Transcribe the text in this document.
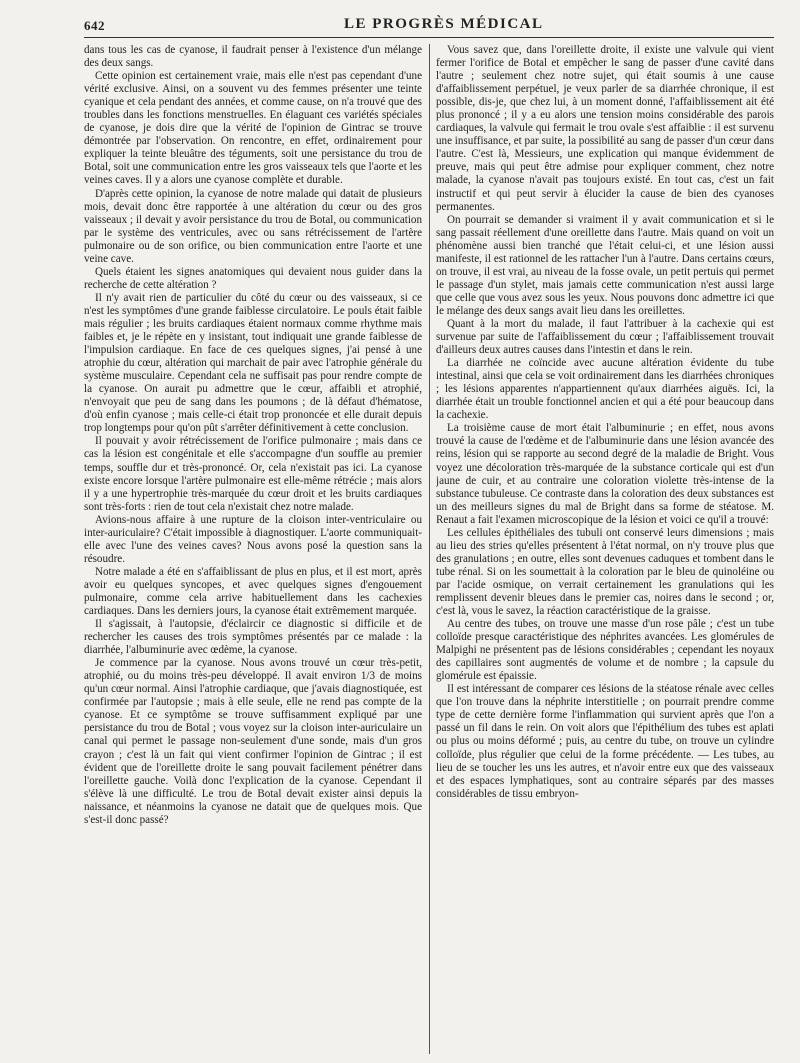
642	LE PROGRÈS MÉDICAL

dans tous les cas de cyanose, il faudrait penser à l'existence d'un mélange des deux sangs.

Cette opinion est certainement vraie, mais elle n'est pas cependant d'une vérité exclusive. Ainsi, on a souvent vu des femmes présenter une teinte cyanique et cela pendant des années, et comme cause, on n'a trouvé que des troubles dans les fonctions menstruelles. En élaguant ces variétés spéciales de cyanose, je dois dire que la vérité de l'opinion de Gintrac se trouve démontrée par l'observation. On rencontre, en effet, ordinairement pour expliquer la teinte bleuâtre des téguments, soit une persistance du trou de Botal, soit une communication entre les gros vaisseaux tels que l'aorte et les veines caves. Il y a alors une cyanose complète et durable.

D'après cette opinion, la cyanose de notre malade qui datait de plusieurs mois, devait donc être rapportée à une altération du cœur ou des gros vaisseaux ; il devait y avoir persistance du trou de Botal, ou communication par le système des ventricules, avec ou sans rétrécissement de l'artère pulmonaire ou de son orifice, ou bien communication entre l'aorte et une veine cave.

Quels étaient les signes anatomiques qui devaient nous guider dans la recherche de cette altération ?

Il n'y avait rien de particulier du côté du cœur ou des vaisseaux, si ce n'est les symptômes d'une grande faiblesse circulatoire. Le pouls était faible mais régulier ; les bruits cardiaques étaient normaux comme rhythme mais faibles et, je le répète en y insistant, tout indiquait une grande faiblesse de l'impulsion cardiaque. En face de ces quelques signes, j'ai pensé à une atrophie du cœur, altération qui marchait de pair avec l'atrophie générale du système musculaire. Cependant cela ne suffisait pas pour rendre compte de la cyanose. On aurait pu admettre que le cœur, affaibli et atrophié, n'envoyait que peu de sang dans les poumons ; de là défaut d'hématose, d'où enfin cyanose ; mais celle-ci était trop prononcée et elle durait depuis trop longtemps pour qu'on pût s'arrêter définitivement à cette conclusion.

Il pouvait y avoir rétrécissement de l'orifice pulmonaire ; mais dans ce cas la lésion est congénitale et elle s'accompagne d'un souffle au premier temps, souffle dur et très-prononcé. Or, cela n'existait pas ici. La cyanose existe encore lorsque l'artère pulmonaire est elle-même rétrécie ; mais alors il y a une hypertrophie très-marquée du cœur droit et les bruits cardiaques sont très-forts : rien de tout cela n'existait chez notre malade.

Avions-nous affaire à une rupture de la cloison inter-ventriculaire ou inter-auriculaire? C'était impossible à diagnostiquer. L'aorte communiquait-elle avec l'une des veines caves? Nous avons posé la question sans la résoudre.

Notre malade a été en s'affaiblissant de plus en plus, et il est mort, après avoir eu quelques syncopes, et avec quelques signes d'engouement pulmonaire, comme cela arrive habituellement dans les cachexies cardiaques. Dans les derniers jours, la cyanose était extrêmement marquée.

Il s'agissait, à l'autopsie, d'éclaircir ce diagnostic si difficile et de rechercher les causes des trois symptômes présentés par ce malade : la diarrhée, l'albuminurie avec œdème, la cyanose.

Je commence par la cyanose. Nous avons trouvé un cœur très-petit, atrophié, ou du moins très-peu développé. Il avait environ 1/3 de moins qu'un cœur normal. Ainsi l'atrophie cardiaque, que j'avais diagnostiquée, est confirmée par l'autopsie ; mais à elle seule, elle ne rend pas compte de la cyanose. Et ce symptôme se trouve suffisamment expliqué par une persistance du trou de Botal ; vous voyez sur la cloison inter-auriculaire un canal qui permet le passage non-seulement d'une sonde, mais d'un gros crayon ; c'est là un fait qui vient confirmer l'opinion de Gintrac ; il est évident que de l'oreillette droite le sang pouvait facilement pénétrer dans l'oreillette gauche. Voilà donc l'explication de la cyanose. Cependant il s'élève là une difficulté. Le trou de Botal devait exister ainsi depuis la naissance, et néanmoins la cyanose ne datait que de quelques mois. Que s'est-il donc passé?

Vous savez que, dans l'oreillette droite, il existe une valvule qui vient fermer l'orifice de Botal et empêcher le sang de passer d'une cavité dans l'autre ; seulement chez notre sujet, qui était soumis à une cause d'affaiblissement perpétuel, je veux parler de sa diarrhée chronique, il est possible, dis-je, que chez lui, à un moment donné, l'affaiblissement ait été plus prononcé ; il y a eu alors une tension moins considérable des parois cardiaques, la valvule qui fermait le trou ovale s'est affaiblie : il est survenu une insuffisance, et par suite, la possibilité au sang de passer d'un cœur dans l'autre. C'est là, Messieurs, une explication qui manque évidemment de preuve, mais qui peut être admise pour expliquer comment, chez notre malade, la cyanose n'avait pas toujours existé. En tout cas, c'est un fait instructif et qui peut servir à élucider la cause de bien des cyanoses permanentes.

On pourrait se demander si vraiment il y avait communication et si le sang passait réellement d'une oreillette dans l'autre. Mais quand on voit un phénomène aussi bien tranché que l'était celui-ci, et une lésion aussi manifeste, il est rationnel de les rattacher l'un à l'autre. Dans certains cœurs, on trouve, il est vrai, au niveau de la fosse ovale, un petit pertuis qui permet le passage d'un stylet, mais jamais cette communication n'est aussi large que celle que vous avez sous les yeux. Nous pouvons donc admettre ici que le mélange des deux sangs avait lieu dans les oreillettes.

Quant à la mort du malade, il faut l'attribuer à la cachexie qui est survenue par suite de l'affaiblissement du cœur ; l'affaiblissement trouvait d'ailleurs deux autres causes dans l'intestin et dans le rein.

La diarrhée ne coïncide avec aucune altération évidente du tube intestinal, ainsi que cela se voit ordinairement dans les diarrhées chroniques ; les lésions apparentes n'appartiennent qu'aux diarrhées aiguës. Ici, la diarrhée était un trouble fonctionnel ancien et qui a été pour beaucoup dans la cachexie.

La troisième cause de mort était l'albuminurie ; en effet, nous avons trouvé la cause de l'œdème et de l'albuminurie dans une lésion avancée des reins, lésion qui se rapporte au second degré de la maladie de Bright. Vous voyez une décoloration très-marquée de la substance corticale qui est d'un jaune de cuir, et au contraire une coloration violette très-intense de la substance tubuleuse. Ce contraste dans la coloration des deux substances est un des meilleurs signes du mal de Bright dans sa forme de stéatose. M. Renaut a fait l'examen microscopique de la lésion et voici ce qu'il a trouvé:

Les cellules épithéliales des tubuli ont conservé leurs dimensions ; mais au lieu des stries qu'elles présentent à l'état normal, on n'y trouve plus que des granulations ; en outre, elles sont devenues caduques et tombent dans le tube rénal. Si on les soumettait à la coloration par le bleu de quinoléine ou par l'acide osmique, on verrait certainement les granulations qui les remplissent devenir bleues dans le premier cas, noires dans le second ; or, c'est là, vous le savez, la réaction caractéristique de la graisse.

Au centre des tubes, on trouve une masse d'un rose pâle ; c'est un tube colloïde presque caractéristique des néphrites avancées. Les glomérules de Malpighi ne présentent pas de lésions considérables ; cependant les noyaux des capillaires sont augmentés de volume et de nombre ; la capsule du glomérule est épaissie.

Il est intéressant de comparer ces lésions de la stéatose rénale avec celles que l'on trouve dans la néphrite interstitielle ; on pourrait prendre comme type de cette dernière forme l'inflammation qui survient après que l'on a passé un fil dans le rein. On voit alors que l'épithélium des tubes est aplati ou plus ou moins déformé ; puis, au centre du tube, on trouve un cylindre colloïde, plus régulier que celui de la forme précédente. — Les tubes, au lieu de se toucher les uns les autres, et n'avoir entre eux que des vaisseaux et des espaces lymphatiques, sont au contraire séparés par des masses considérables de tissu embryon-
